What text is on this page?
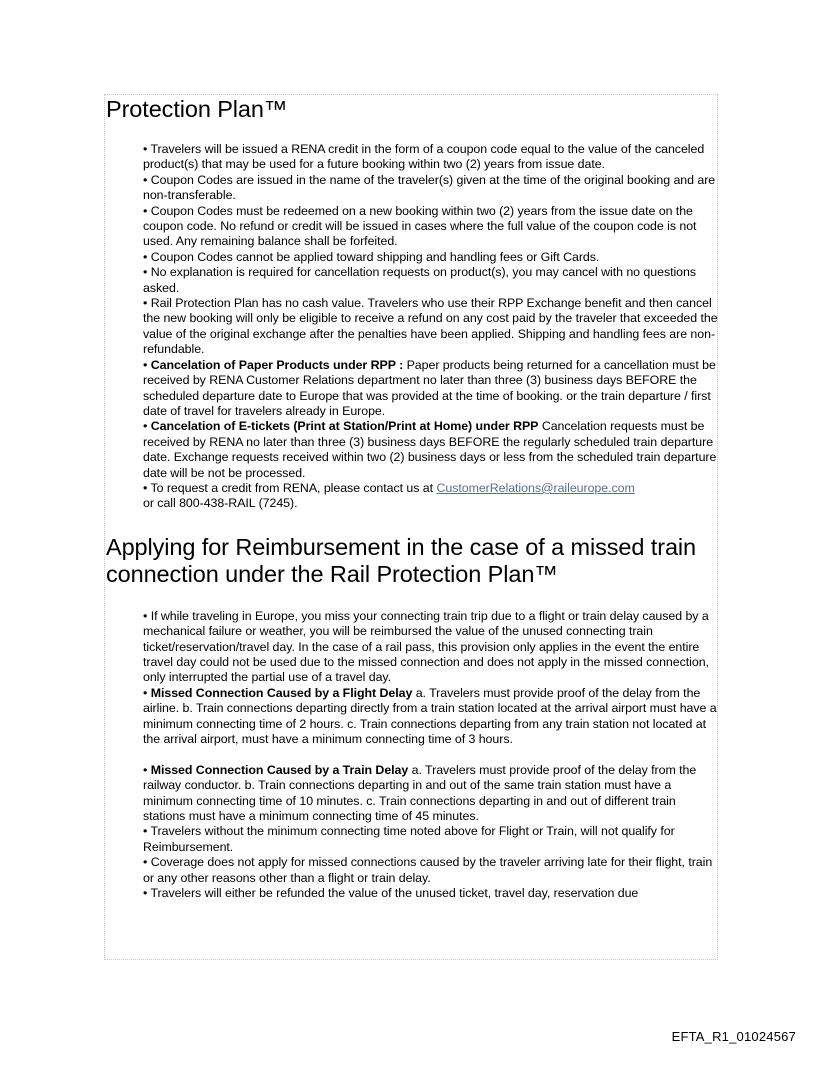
Protection Plan™

• Travelers will be issued a RENA credit in the form of a coupon code equal to the value of the canceled product(s) that may be used for a future booking within two (2) years from issue date.

• Coupon Codes are issued in the name of the traveler(s) given at the time of the original booking and are non-transferable.

• Coupon Codes must be redeemed on a new booking within two (2) years from the issue date on the coupon code. No refund or credit will be issued in cases where the full value of the coupon code is not used. Any remaining balance shall be forfeited.

• Coupon Codes cannot be applied toward shipping and handling fees or Gift Cards.

• No explanation is required for cancellation requests on product(s), you may cancel with no questions asked.

• Rail Protection Plan has no cash value. Travelers who use their RPP Exchange benefit and then cancel the new booking will only be eligible to receive a refund on any cost paid by the traveler that exceeded the value of the original exchange after the penalties have been applied. Shipping and handling fees are non-refundable.

• Cancelation of Paper Products under RPP : Paper products being returned for a cancellation must be received by RENA Customer Relations department no later than three (3) business days BEFORE the scheduled departure date to Europe that was provided at the time of booking. or the train departure / first date of travel for travelers already in Europe.

• Cancelation of E-tickets (Print at Station/Print at Home) under RPP Cancelation requests must be received by RENA no later than three (3) business days BEFORE the regularly scheduled train departure date. Exchange requests received within two (2) business days or less from the scheduled train departure date will be not be processed.

• To request a credit from RENA, please contact us at CustomerRelations@raileurope.com
or call 800-438-RAIL (7245).

Applying for Reimbursement in the case of a missed train connection under the Rail Protection Plan™

• If while traveling in Europe, you miss your connecting train trip due to a flight or train delay caused by a mechanical failure or weather, you will be reimbursed the value of the unused connecting train ticket/reservation/travel day. In the case of a rail pass, this provision only applies in the event the entire travel day could not be used due to the missed connection and does not apply in the missed connection, only interrupted the partial use of a travel day.

• Missed Connection Caused by a Flight Delay a. Travelers must provide proof of the delay from the airline. b. Train connections departing directly from a train station located at the arrival airport must have a minimum connecting time of 2 hours. c. Train connections departing from any train station not located at the arrival airport, must have a minimum connecting time of 3 hours.

• Missed Connection Caused by a Train Delay a. Travelers must provide proof of the delay from the railway conductor. b. Train connections departing in and out of the same train station must have a minimum connecting time of 10 minutes. c. Train connections departing in and out of different train stations must have a minimum connecting time of 45 minutes.

• Travelers without the minimum connecting time noted above for Flight or Train, will not qualify for Reimbursement.

• Coverage does not apply for missed connections caused by the traveler arriving late for their flight, train or any other reasons other than a flight or train delay.

• Travelers will either be refunded the value of the unused ticket, travel day, reservation due

EFTA_R1_01024567
